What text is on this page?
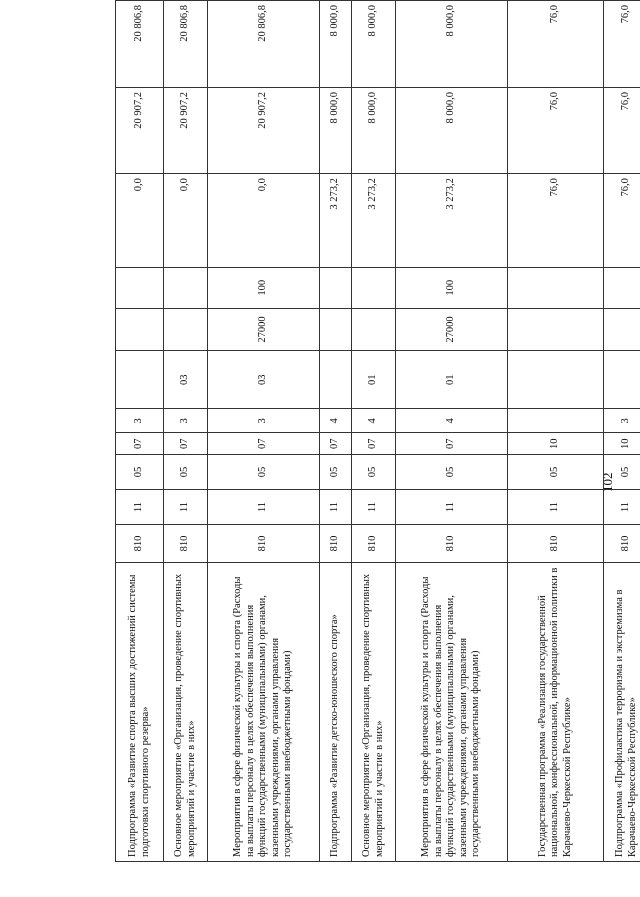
102
Подпрограмма «Развитие спорта высших достижений системы подготовки спортивного резерва»	810	11	05	07	3				0,0	20 907,2	20 806,8
Основное мероприятие «Организация, проведение спортивных мероприятий и участие в них»	810	11	05	07	3	03			0,0	20 907,2	20 806,8
Мероприятия в сфере физической культуры и спорта (Расходы на выплаты персоналу в целях обеспечения выполнения функций государственными (муниципальными) органами, казенными учреждениями, органами управления государственными внебюджетными фондами)	810	11	05	07	3	03	27000	100	0,0	20 907,2	20 806,8
Подпрограмма «Развитие детско-юношеского спорта»	810	11	05	07	4				3 273,2	8 000,0	8 000,0
Основное мероприятие «Организация, проведение спортивных мероприятий и участие в них»	810	11	05	07	4	01			3 273,2	8 000,0	8 000,0
Мероприятия в сфере физической культуры и спорта (Расходы на выплаты персоналу в целях обеспечения выполнения функций государственными (муниципальными) органами, казенными учреждениями, органами управления государственными внебюджетными фондами)	810	11	05	07	4	01	27000	100	3 273,2	8 000,0	8 000,0
Государственная программа «Реализация государственной национальной, конфессиональной, информационной политики в Карачаево-Черкесской Республике»	810	11	05	10					76,0	76,0	76,0
Подпрограмма «Профилактика терроризма и экстремизма в Карачаево-Черкесской Республике»	810	11	05	10	3				76,0	76,0	76,0
